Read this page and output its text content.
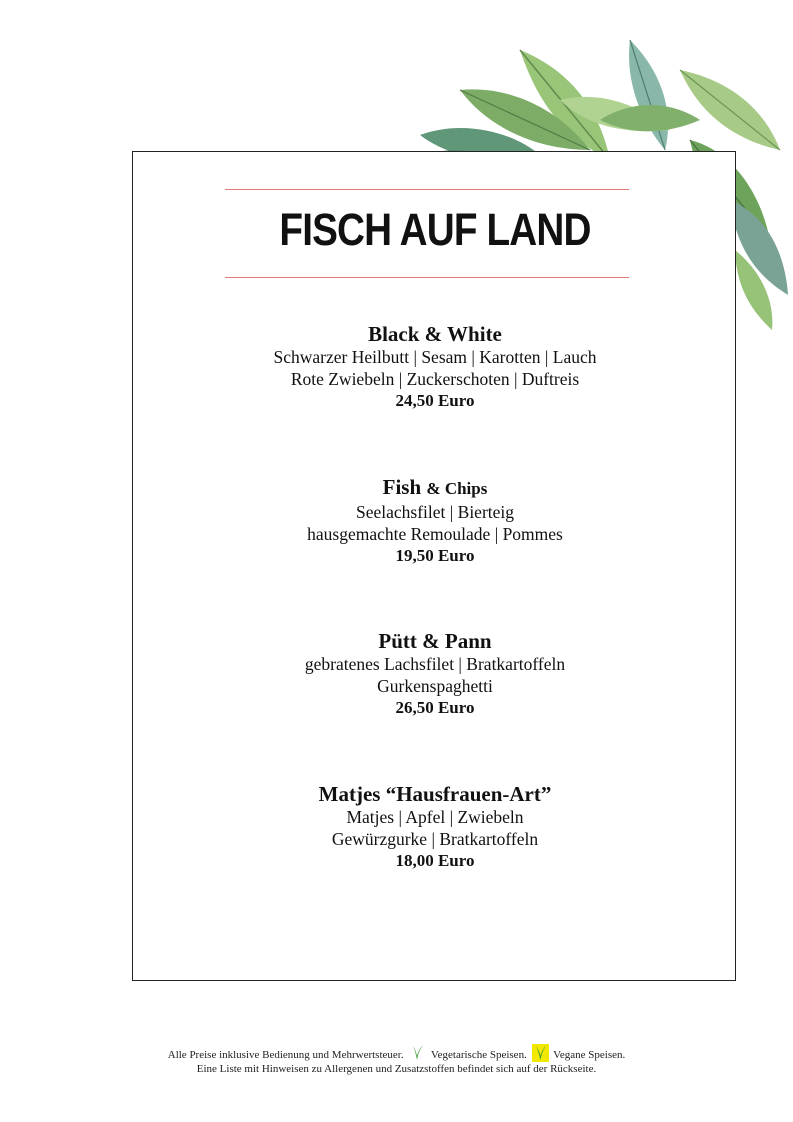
FISCH AUF LAND
Black & White
Schwarzer Heilbutt | Sesam | Karotten | Lauch
Rote Zwiebeln | Zuckerschoten | Duftreis
24,50 Euro
Fish & Chips
Seelachsfilet | Bierteig
hausgemachte Remoulade | Pommes
19,50 Euro
Pütt & Pann
gebratenes Lachsfilet | Bratkartoffeln
Gurkenspaghetti
26,50 Euro
Matjes “Hausfrauen-Art”
Matjes | Apfel | Zwiebeln
Gewürzgurke | Bratkartoffeln
18,00 Euro
Alle Preise inklusive Bedienung und Mehrwertsteuer. Vegetarische Speisen. Vegane Speisen.
Eine Liste mit Hinweisen zu Allergenen und Zusatzstoffen befindet sich auf der Rückseite.
